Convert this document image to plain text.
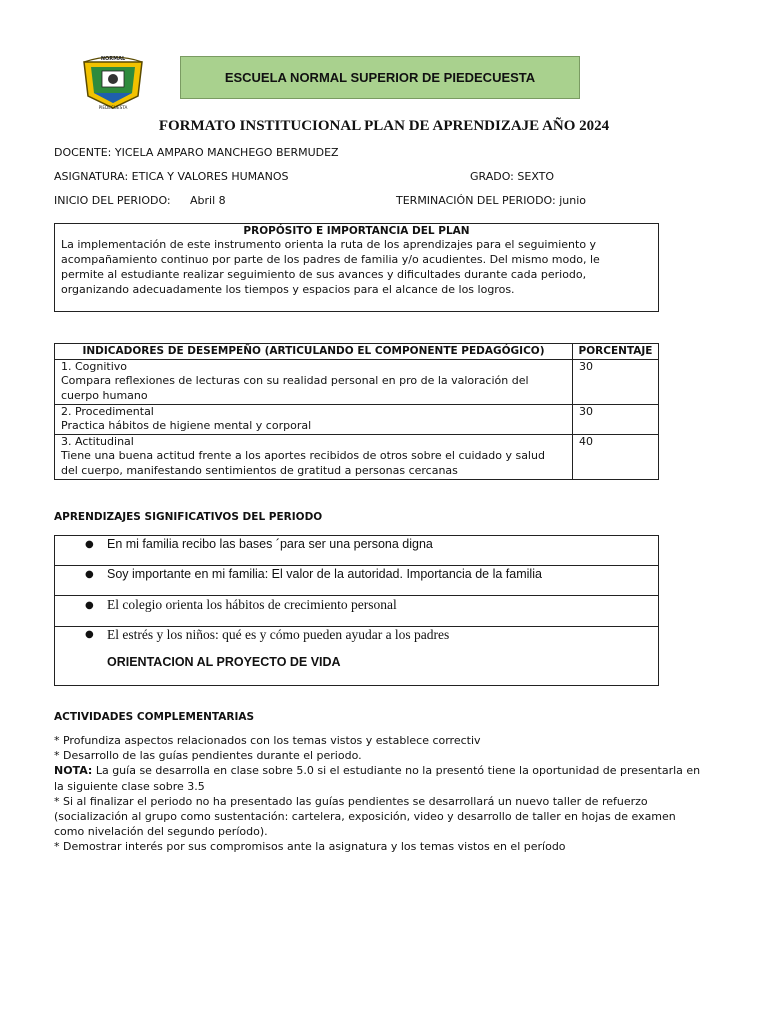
NORMAL
PIEDECUESTA
ESCUELA NORMAL SUPERIOR DE PIEDECUESTA
FORMATO INSTITUCIONAL PLAN DE APRENDIZAJE AÑO 2024
DOCENTE: YICELA AMPARO MANCHEGO BERMUDEZ
ASIGNATURA: ETICA Y VALORES HUMANOS	GRADO: SEXTO
INICIO DEL PERIODO: Abril 8	TERMINACIÓN DEL PERIODO: junio
PROPÓSITO E IMPORTANCIA DEL PLAN
La implementación de este instrumento orienta la ruta de los aprendizajes para el seguimiento y
acompañamiento continuo por parte de los padres de familia y/o acudientes. Del mismo modo, le
permite al estudiante realizar seguimiento de sus avances y dificultades durante cada periodo,
organizando adecuadamente los tiempos y espacios para el alcance de los logros.
INDICADORES DE DESEMPEÑO (ARTICULANDO EL COMPONENTE PEDAGÓGICO)	PORCENTAJE

1. Cognitivo
Compara reflexiones de lecturas con su realidad personal en pro de la valoración del
cuerpo humano	30

2. Procedimental
Practica hábitos de higiene mental y corporal	30

3. Actitudinal
Tiene una buena actitud frente a los aportes recibidos de otros sobre el cuidado y salud
del cuerpo, manifestando sentimientos de gratitud a personas cercanas	40
APRENDIZAJES SIGNIFICATIVOS DEL PERIODO
● En mi familia recibo las bases ´para ser una persona digna
● Soy importante en mi familia: El valor de la autoridad. Importancia de la familia
● El colegio orienta los hábitos de crecimiento personal
● El estrés y los niños: qué es y cómo pueden ayudar a los padres
ORIENTACION AL PROYECTO DE VIDA
ACTIVIDADES COMPLEMENTARIAS

* Profundiza aspectos relacionados con los temas vistos y establece correctiv

* Desarrollo de las guías pendientes durante el periodo.

NOTA: La guía se desarrolla en clase sobre 5.0 si el estudiante no la presentó tiene la oportunidad de presentarla en

la siguiente clase sobre 3.5

* Si al finalizar el periodo no ha presentado las guías pendientes se desarrollará un nuevo taller de refuerzo

(socialización al grupo como sustentación: cartelera, exposición, video y desarrollo de taller en hojas de examen

como nivelación del segundo período).

* Demostrar interés por sus compromisos ante la asignatura y los temas vistos en el período
